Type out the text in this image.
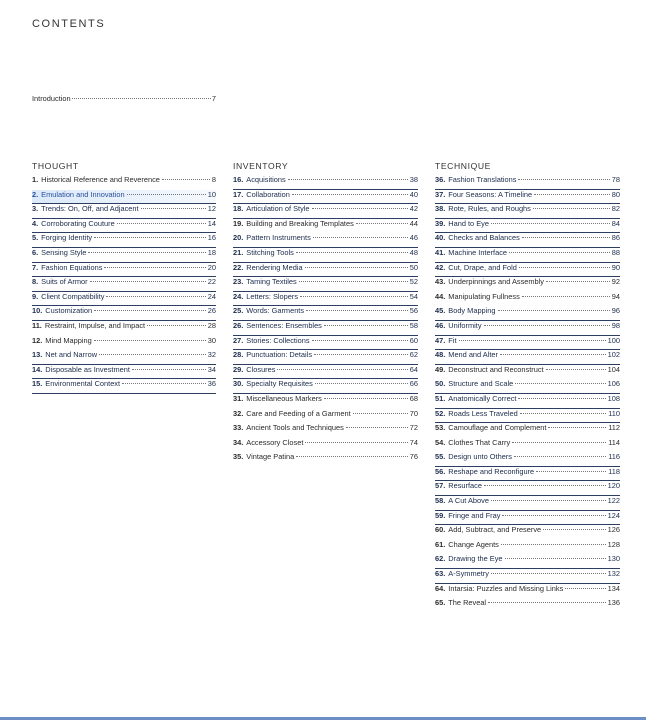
CONTENTS
Introduction	7
THOUGHT
1. Historical Reference and Reverence	8
2. Emulation and Innovation	10
3. Trends: On, Off, and Adjacent	12
4. Corroborating Couture	14
5. Forging Identity	16
6. Sensing Style	18
7. Fashion Equations	20
8. Suits of Armor	22
9. Client Compatibility	24
10. Customization	26
11. Restraint, Impulse, and Impact	28
12. Mind Mapping	30
13. Net and Narrow	32
14. Disposable as Investment	34
15. Environmental Context	36
INVENTORY
16. Acquisitions	38
17. Collaboration	40
18. Articulation of Style	42
19. Building and Breaking Templates	44
20. Pattern Instruments	46
21. Stitching Tools	48
22. Rendering Media	50
23. Taming Textiles	52
24. Letters: Slopers	54
25. Words: Garments	56
26. Sentences: Ensembles	58
27. Stories: Collections	60
28. Punctuation: Details	62
29. Closures	64
30. Specialty Requisites	66
31. Miscellaneous Markers	68
32. Care and Feeding of a Garment	70
33. Ancient Tools and Techniques	72
34. Accessory Closet	74
35. Vintage Patina	76
TECHNIQUE
36. Fashion Translations	78
37. Four Seasons: A Timeline	80
38. Rote, Rules, and Roughs	82
39. Hand to Eye	84
40. Checks and Balances	86
41. Machine Interface	88
42. Cut, Drape, and Fold	90
43. Underpinnings and Assembly	92
44. Manipulating Fullness	94
45. Body Mapping	96
46. Uniformity	98
47. Fit	100
48. Mend and Alter	102
49. Deconstruct and Reconstruct	104
50. Structure and Scale	106
51. Anatomically Correct	108
52. Roads Less Traveled	110
53. Camouflage and Complement	112
54. Clothes That Carry	114
55. Design unto Others	116
56. Reshape and Reconfigure	118
57. Resurface	120
58. A Cut Above	122
59. Fringe and Fray	124
60. Add, Subtract, and Preserve	126
61. Change Agents	128
62. Drawing the Eye	130
63. A-Symmetry	132
64. Intarsia: Puzzles and Missing Links	134
65. The Reveal	136
